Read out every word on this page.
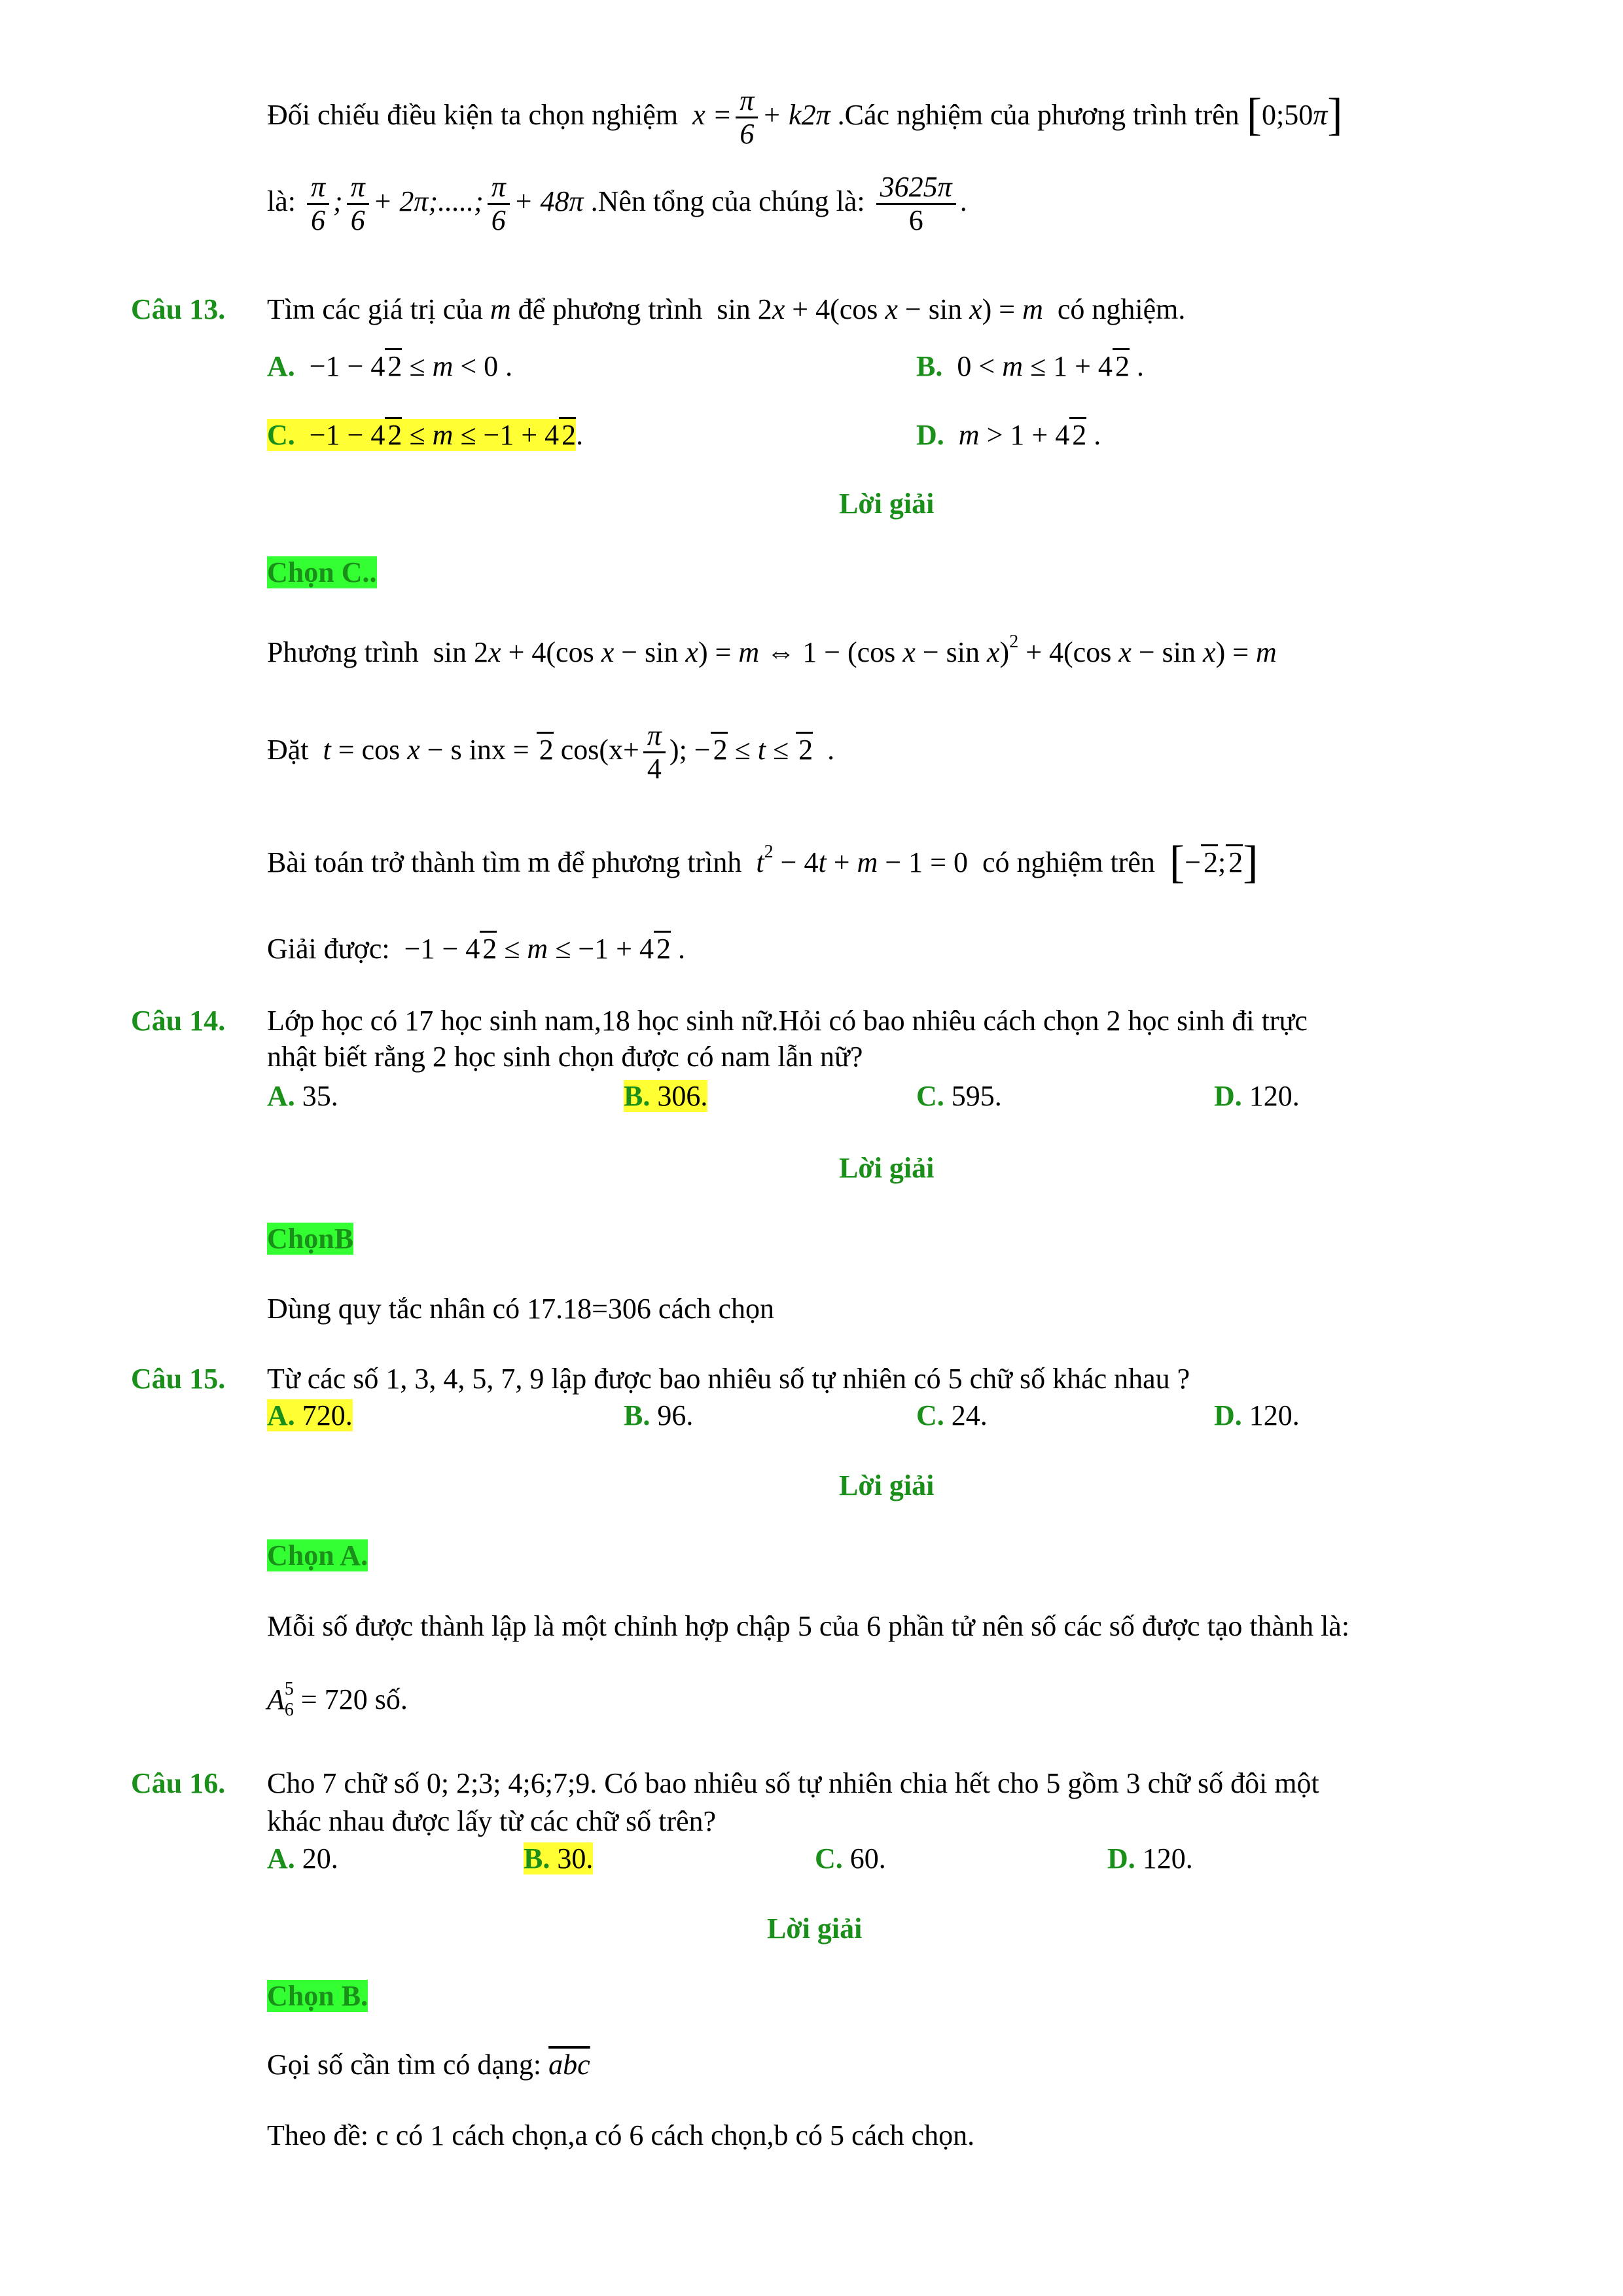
Đối chiếu điều kiện ta chọn nghiệm  $x = \frac{\pi}{6} + k2\pi$ .Các nghiệm của phương trình trên [0;50π]
là: $\frac{\pi}{6}$ ; $\frac{\pi}{6} + 2\pi$;.....; $\frac{\pi}{6} + 48\pi$ .Nên tổng của chúng là: $\frac{3625\pi}{6}$ .
Câu 13. Tìm các giá trị của m để phương trình  sin 2x + 4(cos x − sin x) = m có nghiệm.
A.  −1 − 42 ≤ m < 0 .	B.  0 < m ≤ 1 + 42 .
C.  −1 − 42 ≤ m ≤ −1 + 42.	D. m > 1 + 42 .
Lời giải
Chọn C..
Phương trình  sin 2x + 4(cos x − sin x) = m ⇔ 1 − (cos x − sin x)$^2$ + 4(cos x − sin x) = m
Đặt t = cos x − s inx = 2 $\cos(x+ \frac{\pi}{4}$ ); −2 ≤ t ≤ 2  .
Bài toán trở thành tìm m để phương trình $t^2 - 4t + m - 1 = 0$  có nghiệm trên [−2;2]
Giải được:  −1 − 42 ≤ m ≤ −1 + 42 .
Câu 14. Lớp học có 17 học sinh nam,18 học sinh nữ.Hỏi có bao nhiêu cách chọn 2 học sinh đi trực
nhật biết rằng 2 học sinh chọn được có nam lẫn nữ?
A. 35.	B. 306.	C. 595.	D. 120.
Lời giải
ChọnB
Dùng quy tắc nhân có 17.18=306 cách chọn
Câu 15. Từ các số 1, 3, 4, 5, 7, 9 lập được bao nhiêu số tự nhiên có 5 chữ số khác nhau ?
A. 720.	B. 96.	C. 24.	D. 120.
Lời giải
Chọn A.
Mỗi số được thành lập là một chỉnh hợp chập 5 của 6 phần tử nên số các số được tạo thành là:
$A_6^5 = 720$ số.
Câu 16. Cho 7 chữ số 0; 2;3; 4;6;7;9. Có bao nhiêu số tự nhiên chia hết cho 5 gồm 3 chữ số đôi một
khác nhau được lấy từ các chữ số trên?
A. 20.	B. 30.	C. 60.	D. 120.
Lời giải
Chọn B.
Gọi số cần tìm có dạng: $\overline{abc}$
Theo đề: c có 1 cách chọn,a có 6 cách chọn,b có 5 cách chọn.
